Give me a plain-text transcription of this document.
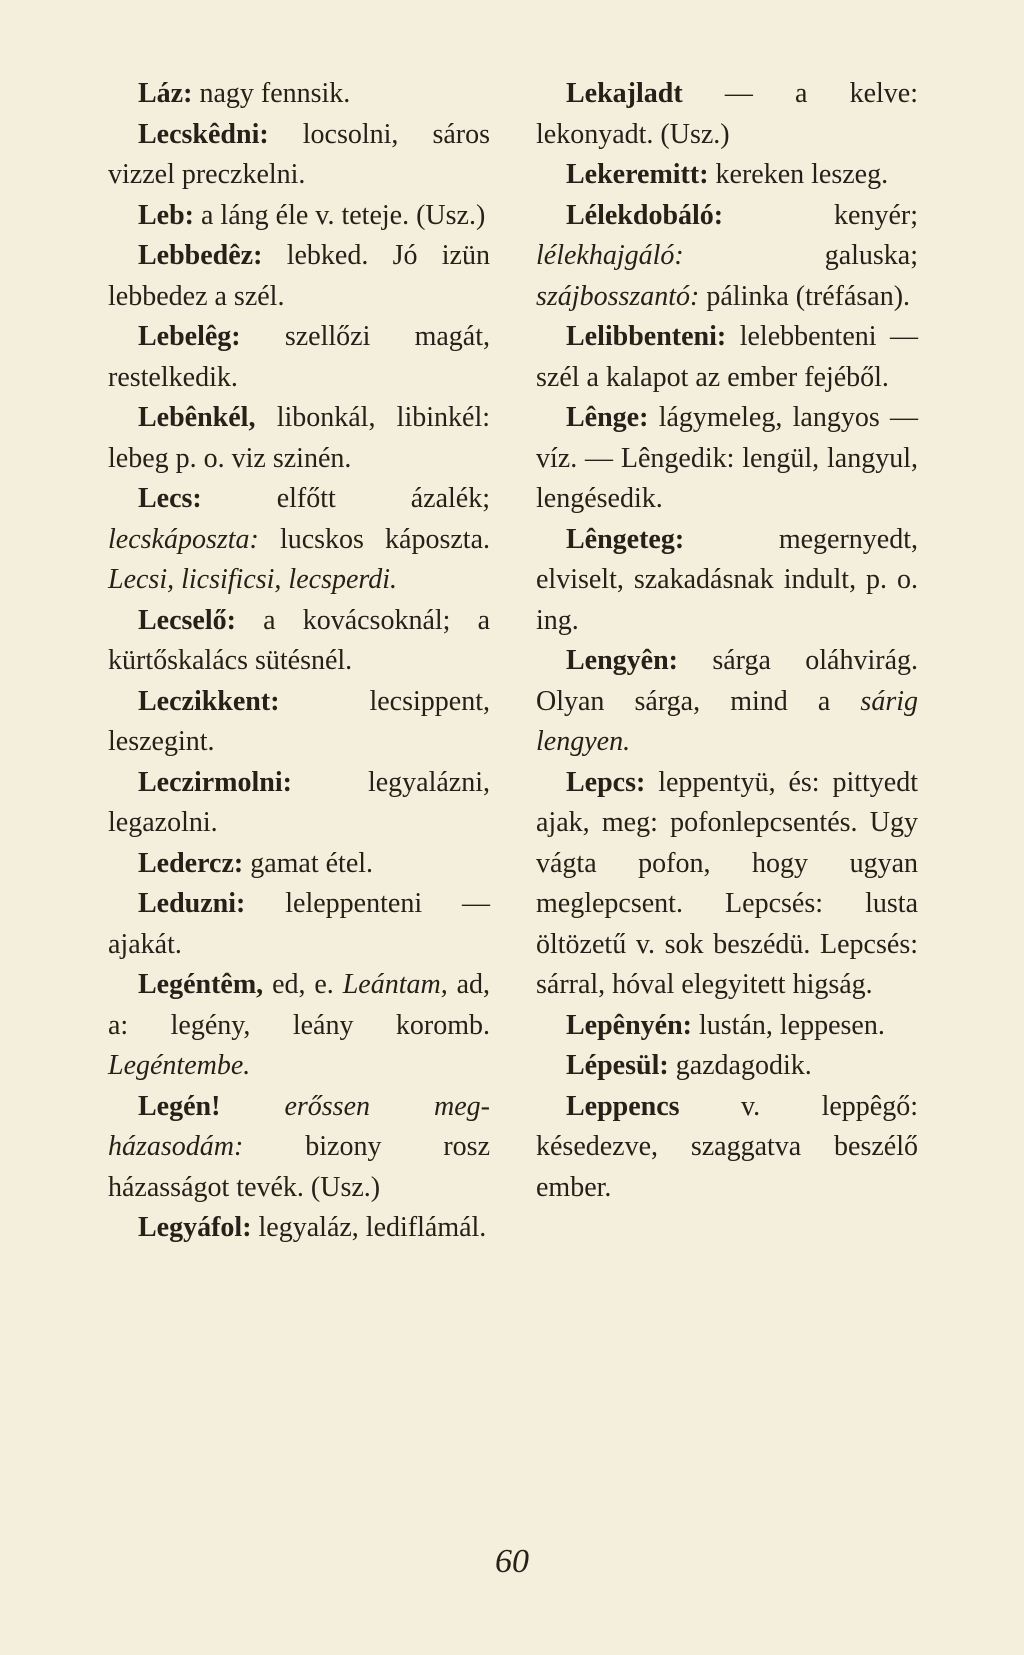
Láz: nagy fennsik.

Lecskêdni: locsolni, sáros vizzel preczkelni.

Leb: a láng éle v. teteje. (Usz.)

Lebbedêz: lebked. Jó izün lebbedez a szél.

Lebelêg: szellőzi magát, restelkedik.

Lebênkél, libonkál, libinkél: lebeg p. o. viz szinén.

Lecs: elfőtt ázalék; lecskáposzta: lucskos káposzta. Lecsi, licsificsi, lecsperdi.

Lecselő: a kovácsoknál; a kürtőskalács sütésnél.

Leczikkent: lecsippent, leszegint.

Leczirmolni: legyalázni, legazolni.

Ledercz: gamat étel.

Leduzni: leleppenteni — ajakát.

Legéntêm, ed, e. Leántam, ad, a: legény, leány koromb. Legéntembe.

Legén! erőssen meg-házasodám: bizony rosz házasságot tevék. (Usz.)

Legyáfol: legyaláz, lediflámál.

Lekajladt — a kelve: lekonyadt. (Usz.)

Lekeremitt: kereken leszeg.

Lélekdobáló: kenyér; lélekhajgáló: galuska; szájbosszantó: pálinka (tréfásan).

Lelibbenteni: lelebbenteni — szél a kalapot az ember fejéből.

Lênge: lágymeleg, langyos — víz. — Lêngedik: lengül, langyul, lengésedik.

Lêngeteg: megernyedt, elviselt, szakadásnak indult, p. o. ing.

Lengyên: sárga oláhvirág. Olyan sárga, mind a sárig lengyen.

Lepcs: leppentyü, és: pittyedt ajak, meg: pofonlepcsentés. Ugy vágta pofon, hogy ugyan meglepcsent. Lepcsés: lusta öltözetű v. sok beszédü. Lepcsés: sárral, hóval elegyitett higság.

Lepênyén: lustán, leppesen.

Lépesül: gazdagodik.

Leppencs v. leppêgő: késedezve, szaggatva beszélő ember.

60
